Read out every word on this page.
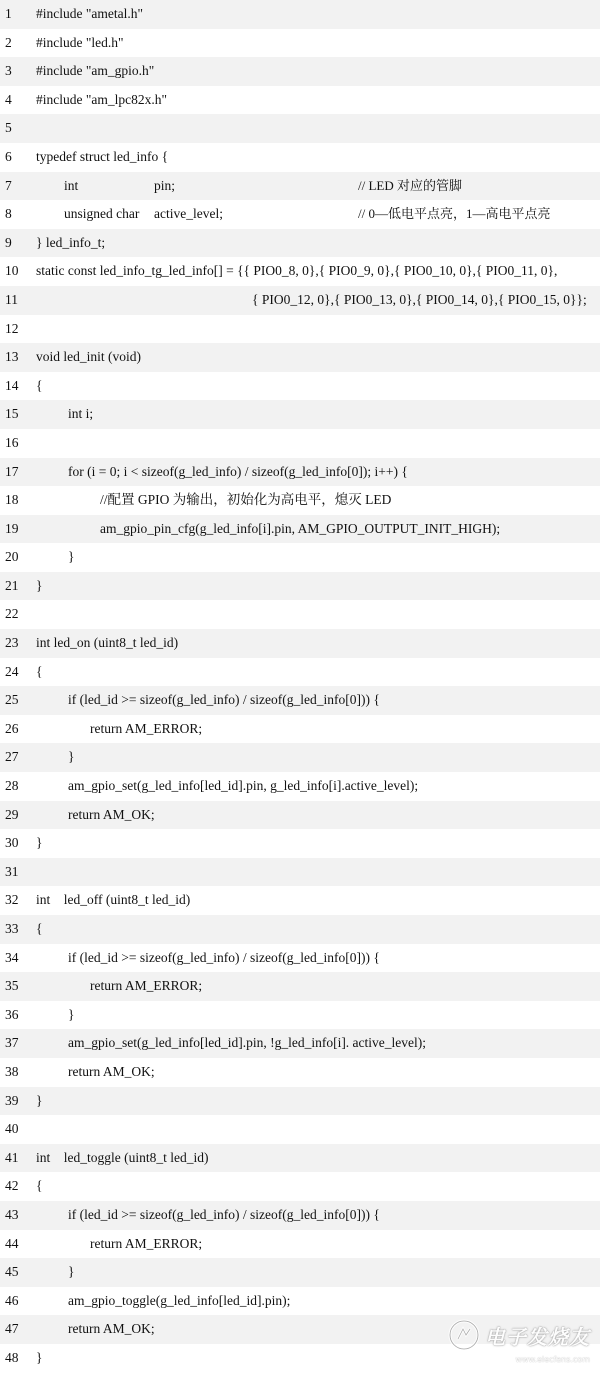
1	#include "ametal.h"
2	#include "led.h"
3	#include "am_gpio.h"
4	#include "am_lpc82x.h"
5
6	typedef struct led_info {
7	int	pin;	// LED 对应的管脚
8	unsigned char active_level;	// 0—低电平点亮，1—高电平点亮
9	} led_info_t;
10	static const led_info_tg_led_info[] = {{ PIO0_8, 0},{ PIO0_9, 0},{ PIO0_10, 0},{ PIO0_11, 0},
11	{ PIO0_12, 0},{ PIO0_13, 0},{ PIO0_14, 0},{ PIO0_15, 0}};
12
13	void led_init (void)
14	{
15	int i;
16
17	for (i = 0; i < sizeof(g_led_info) / sizeof(g_led_info[0]); i++) {
18	//配置 GPIO 为输出，初始化为高电平，熄灭 LED
19	am_gpio_pin_cfg(g_led_info[i].pin, AM_GPIO_OUTPUT_INIT_HIGH);
20	}
21	}
22
23	int led_on (uint8_t led_id)
24	{
25	if (led_id >= sizeof(g_led_info) / sizeof(g_led_info[0])) {
26	return AM_ERROR;
27	}
28	am_gpio_set(g_led_info[led_id].pin, g_led_info[i].active_level);
29	return AM_OK;
30	}
31
32	int    led_off (uint8_t led_id)
33	{
34	if (led_id >= sizeof(g_led_info) / sizeof(g_led_info[0])) {
35	return AM_ERROR;
36	}
37	am_gpio_set(g_led_info[led_id].pin, !g_led_info[i]. active_level);
38	return AM_OK;
39	}
40
41	int    led_toggle (uint8_t led_id)
42	{
43	if (led_id >= sizeof(g_led_info) / sizeof(g_led_info[0])) {
44	return AM_ERROR;
45	}
46	am_gpio_toggle(g_led_info[led_id].pin);
47	return AM_OK;
48	}
电子发烧友
www.elecfans.com
